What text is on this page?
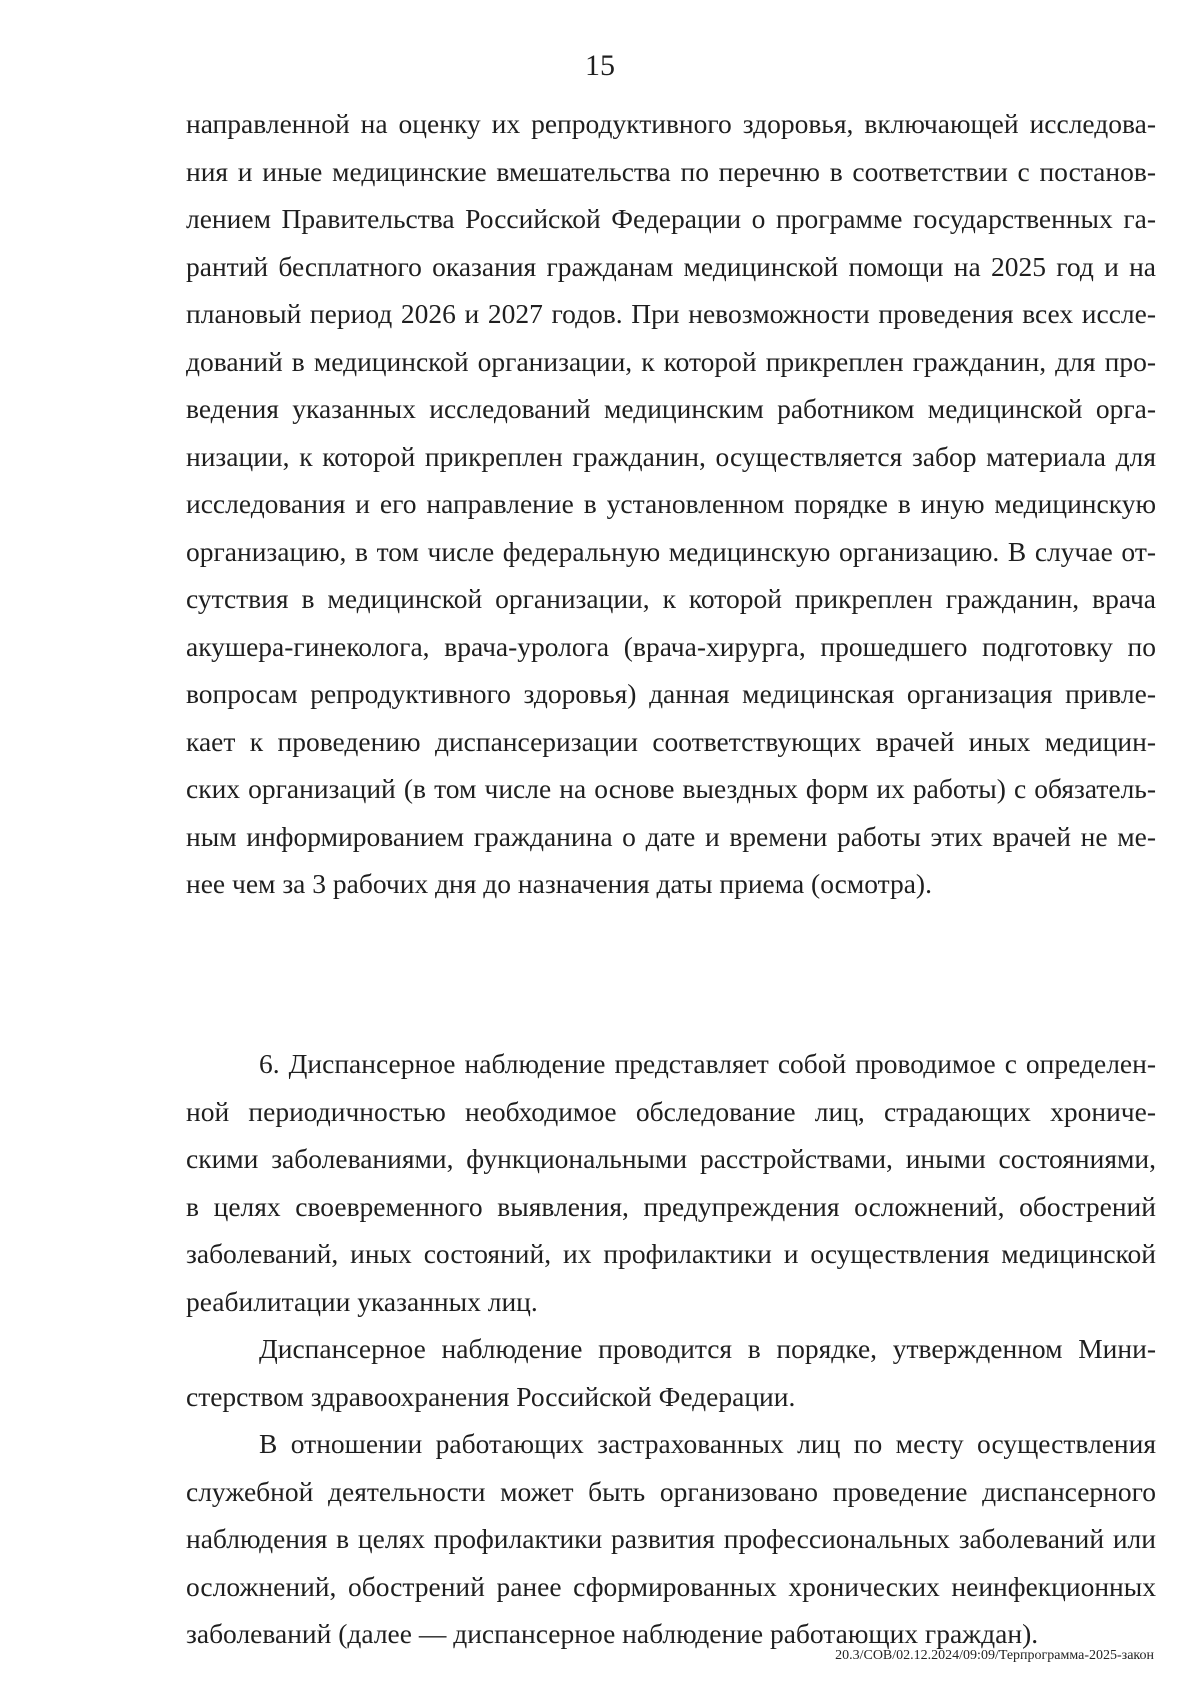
15
направленной на оценку их репродуктивного здоровья, включающей исследова-
ния и иные медицинские вмешательства по перечню в соответствии с постанов-
лением Правительства Российской Федерации о программе государственных га-
рантий бесплатного оказания гражданам медицинской помощи на 2025 год и на
плановый период 2026 и 2027 годов. При невозможности проведения всех иссле-
дований в медицинской организации, к которой прикреплен гражданин, для про-
ведения указанных исследований медицинским работником медицинской орга-
низации, к которой прикреплен гражданин, осуществляется забор материала для
исследования и его направление в установленном порядке в иную медицинскую
организацию, в том числе федеральную медицинскую организацию. В случае от-
сутствия в медицинской организации, к которой прикреплен гражданин, врача
акушера-гинеколога, врача-уролога (врача-хирурга, прошедшего подготовку по
вопросам репродуктивного здоровья) данная медицинская организация привле-
кает к проведению диспансеризации соответствующих врачей иных медицин-
ских организаций (в том числе на основе выездных форм их работы) с обязатель-
ным информированием гражданина о дате и времени работы этих врачей не ме-
нее чем за 3 рабочих дня до назначения даты приема (осмотра).
6. Диспансерное наблюдение представляет собой проводимое с определен-
ной периодичностью необходимое обследование лиц, страдающих хрониче-
скими заболеваниями, функциональными расстройствами, иными состояниями,
в целях своевременного выявления, предупреждения осложнений, обострений
заболеваний, иных состояний, их профилактики и осуществления медицинской
реабилитации указанных лиц.
Диспансерное наблюдение проводится в порядке, утвержденном Мини-
стерством здравоохранения Российской Федерации.
В отношении работающих застрахованных лиц по месту осуществления
служебной деятельности может быть организовано проведение диспансерного
наблюдения в целях профилактики развития профессиональных заболеваний или
осложнений, обострений ранее сформированных хронических неинфекционных
заболеваний (далее — диспансерное наблюдение работающих граждан).
20.3/СОВ/02.12.2024/09:09/Терпрограмма-2025-закон
